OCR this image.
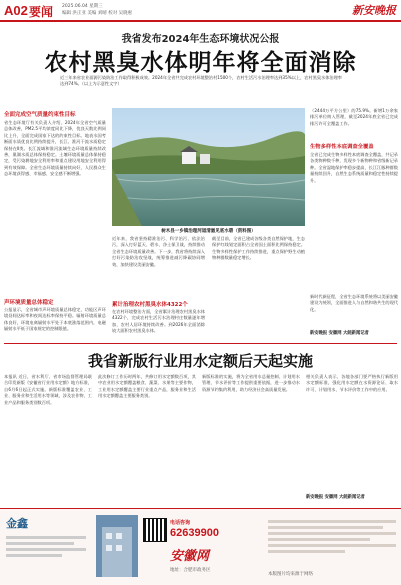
A02 要闻 2025.06.04 星期三
编辑 洪正亚 美编 刘晴 校对 吴晓惠	新安晚报
我省发布2024年生态环境状况公报
农村黑臭水体明年将全面消除
近三年来省农业面源污染防治工作取得积极成效。2024年全省共完成农村环境整治村1500个，农村生活污水治理率达到35%以上，农村黑臭水体治理率达到74%。（以上为示意性文字）
全面完成空气质量约束性目标
省生态环境厅有关负责人介绍，2024年全省空气质量总体改善，PM2.5平均浓度同比下降，优良天数比例同比上升，全面完成国家下达的约束性目标。地表水国考断面水质优良比例持续提升，长江、淮河干流水质稳定保持在Ⅱ类。长江流域和淮河流域生态环境质量持续改善，巢湖水质总体保持稳定。土壤环境质量总体保持稳定，受污染耕地安全利用率和重点建设用地安全利用得到有效保障。全省生态环境质量持续向好，人民群众生态环境获得感、幸福感、安全感不断增强。
声环境质量总体稳定
公报显示，全省城市声环境质量总体稳定，功能区声环境昼间达标率和夜间达标率保持平稳。辐射环境质量总体良好，环境电离辐射水平处于本底涨落范围内，电磁辐射水平低于国家规定的控制限值。
树木县一乡镇治理河道清澈见底水碧（资料图）
近年来，我省坚持精准治污、科学治污、依法治污，深入打好蓝天、碧水、净土保卫战，持续推动全省生态环境质量改善。下一步，我省将持续深入打好污染防治攻坚战，统筹推进减污降碳协同增效，加快建设美丽安徽。
累计治理农村黑臭水体4322个
在农村环境整治方面，全省累计治理农村黑臭水体4322个，完成农村生活污水治理村庄数量逐年增加，农村人居环境持续改善。到2026年全面消除较大面积农村黑臭水体。
截至目前，全省已建成各级各类自然保护地，生态保护红线划定面积占全省国土面积比例保持稳定。生物多样性保护工作持续推进，重点保护野生动植物种群数量稳定增长。
（2444万平方公里）的75.9%。新增1万余家排污单位纳入管理，截至2024年底全省已完成排污许可全覆盖工作。
生物多样性本底调查全覆盖
全省已完成生物多样性本底调查全覆盖，共记录各类物种数千种，发现多个新物种和省级新记录种。全省湿地保护率稳步提高，长江江豚种群数量持续回升，自然生态系统质量和稳定性持续提升。
新时代新征程，全省生态环境系统将以美丽安徽建设为统领，全面推进人与自然和谐共生的现代化。
新安晚报 安徽网 大皖新闻记者
我省新版行业用水定额后天起实施
本报讯 近日，省水利厅、省市场监督管理局联合印发新版《安徽省行业用水定额》地方标准，自6月6日起正式实施。新版标准覆盖农业、工业、服务业和生活用水等领域，涉及农作物、工业产品和服务类别数百项。
此次修订工作历时两年，共修订用水定额数百项，其中农业用水定额覆盖粮食、蔬菜、水果等主要作物，工业用水定额覆盖主要行业重点产品，服务业和生活用水定额覆盖主要服务类别。
新版标准的实施，将为全省用水总量控制、计划用水管理、节水评价等工作提供重要依据，进一步推动水资源节约集约利用，助力经济社会高质量发展。
相关负责人表示，各地各部门要严格执行新版用水定额标准，强化用水定额在水资源论证、取水许可、计划用水、节水评价等工作中的应用。
新安晚报 安徽网 大皖新闻记者
金鑫	电话咨询
62639900
安徽网
地址：合肥市政务区
本版图片均来源于网络
